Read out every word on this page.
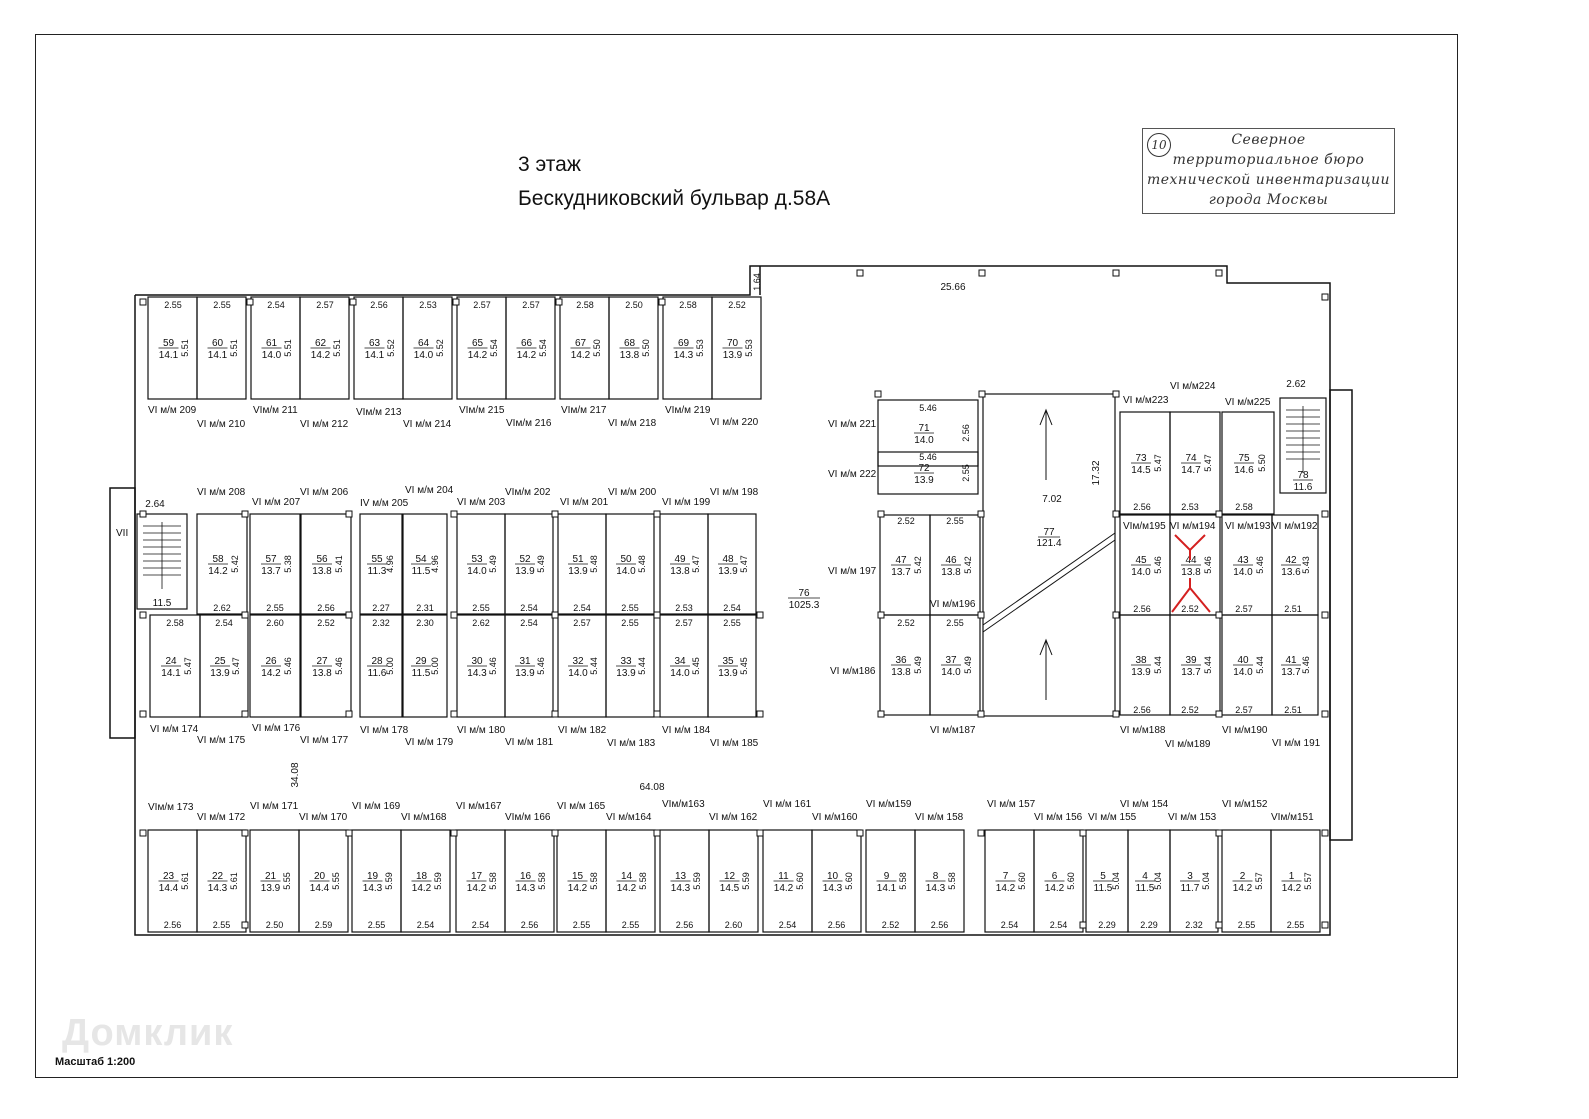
3 этаж
Бескудниковский бульвар д.58А
10	Северное
территориальное бюро
технической инвентаризации
города Москвы
Домклик
Масштаб 1:200
59
14.1 5.51
2.55
60
14.1 5.51
2.55
61
14.0 5.51
2.54
62
14.2 5.51
2.57
63
14.1 5.52
2.56
64
14.0 5.52
2.53
65
14.2 5.54
2.57
66
14.2 5.54
2.57
67
14.2 5.50
2.58
68
13.8 5.50
2.50
69
14.3 5.53
2.58
70
13.9 5.53
2.52
VI м/м 209
VI м/м 210
VIм/м 211
VI м/м 212
VIм/м 213
VI м/м 214
VIм/м 215
VIм/м 216
VIм/м 217
VI м/м 218
VIм/м 219
VI м/м 220
58
14.2 5.42
2.62
57
13.7 5.38
2.55
56
13.8 5.41
2.56
55
11.3
4.96
2.27
54
11.5 4.96
2.31
53
14.0 5.49
2.55
52
13.9 5.49
2.54
51
13.9 5.48
2.54
50
14.0 5.48
2.55
49
13.8 5.47
2.53
48
13.9 5.47
2.54
VI м/м 208
VI м/м 207
VI м/м 206
IV м/м 205
VI м/м 204
VI м/м 203
VIм/м 202
VI м/м 201
VI м/м 200
VI м/м 199
VI м/м 198
24
14.1 5.47
2.58
25
13.9 5.47
2.54
26
14.2 5.46
2.60
27
13.8 5.46
2.52
28
11.6
5.00
2.32
29
11.5 5.00
2.30
30
14.3 5.46
2.62
31
13.9 5.46
2.54
32
14.0 5.44
2.57
33
13.9 5.44
2.55
34
14.0 5.45
2.57
35
13.9 5.45
2.55
VI м/м 174
VI м/м 175
VI м/м 176
VI м/м 177
VI м/м 178
VI м/м 179
VI м/м 180
VI м/м 181
VI м/м 182
VI м/м 183
VI м/м 184
VI м/м 185
23
14.4 5.61
2.56
22
14.3 5.61
2.55
21
13.9 5.55
2.50
20
14.4 5.55
2.59
19
14.3 5.59
2.55
18
14.2 5.59
2.54
17
14.2 5.58
2.54
16
14.3 5.58
2.56
15
14.2 5.58
2.55
14
14.2 5.58
2.55
13
14.3 5.59
2.56
12
14.5 5.59
2.60
11
14.2 5.60
2.54
10
14.3 5.60
2.56
9
14.1 5.58
2.52
8
14.3 5.58
2.56
7
14.2 5.60
2.54
6
14.2 5.60
2.54
5
11.5
5.04
2.29
4
11.5
5.04
2.29
3
11.7 5.04
2.32
2
14.2 5.57
2.55
1
14.2 5.57
2.55
VIм/м 173
VI м/м 172
VI м/м 171
VI м/м 170
VI м/м 169
VI м/м168
VI м/м167
VIм/м 166
VI м/м 165
VI м/м164
VIм/м163
VI м/м 162
VI м/м 161
VI м/м160
VI м/м159
VI м/м 158
VI м/м 157
VI м/м 156 VI м/м 155
VI м/м 154
VI м/м 153
VI м/м152
VIм/м151
71
14.0	2.56
5.46
72
13.9	2.55
5.46
47
13.7 5.42
2.52
46
13.8 5.42
2.55
36
13.8 5.49
2.52
37
14.0 5.49
2.55
VI м/м 221
VI м/м 222
VI м/м 197
VI м/м196
VI м/м186
VI м/м187
77
121.4
73
14.5 5.47
2.56
74
14.7 5.47
2.53
75
14.6 5.50
2.58
45
14.0 5.46
2.56
44
13.8 5.46
2.52
43
14.0 5.46
2.57
42
13.6 5.43
2.51
38
13.9 5.44
2.56
39
13.7 5.44
2.52
40
14.0 5.44
2.57
41
13.7 5.46
2.51
VI м/м223
VI м/м224
VI м/м225
VIм/м195 VI м/м194 VI м/м193 VI м/м192
VI м/м188
VI м/м189
VI м/м190
VI м/м 191
11.5
78
11.6
VII
76
1025.3
25.66
1.64
64.08
34.08
17.32
7.02
2.64
2.62
